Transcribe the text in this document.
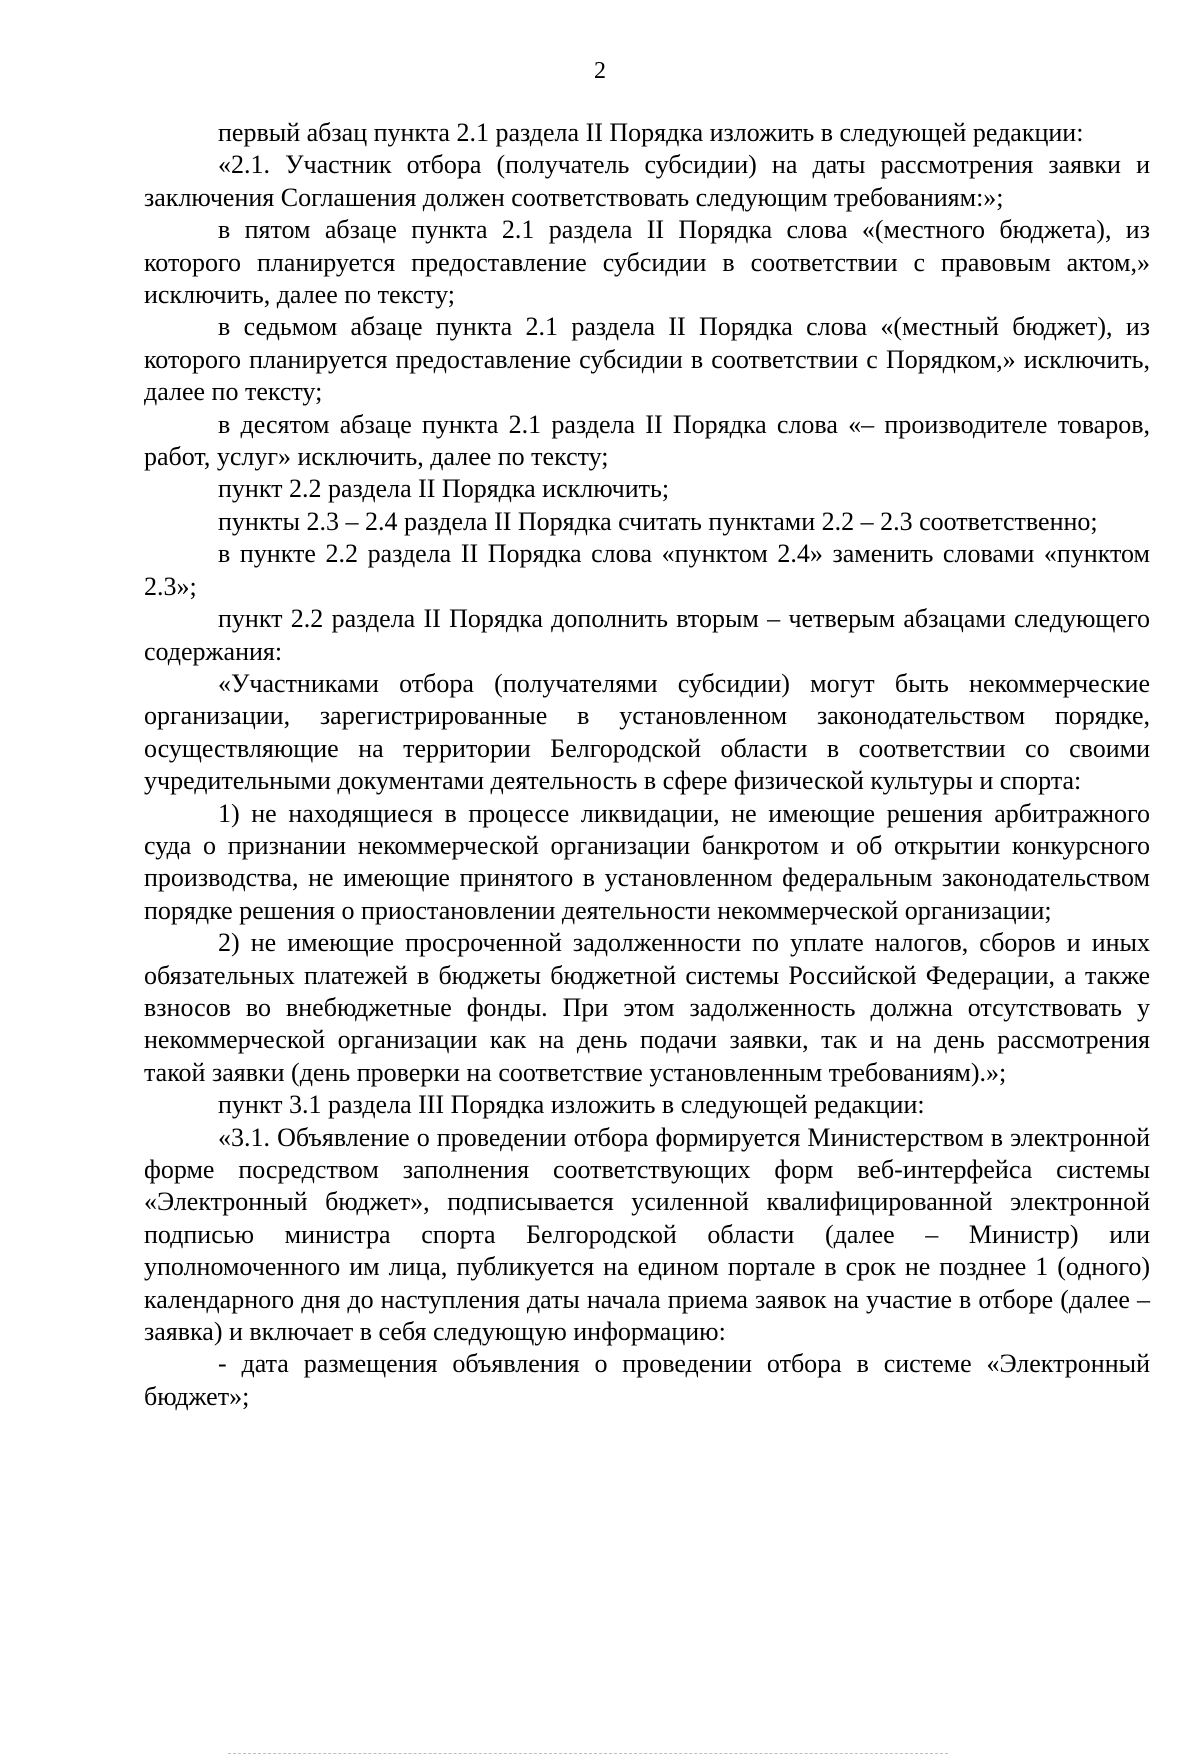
2

первый абзац пункта 2.1 раздела II Порядка изложить в следующей редакции:

«2.1. Участник отбора (получатель субсидии) на даты рассмотрения заявки и заключения Соглашения должен соответствовать следующим требованиям:»;

в пятом абзаце пункта 2.1 раздела II Порядка слова «(местного бюджета), из которого планируется предоставление субсидии в соответствии с правовым актом,» исключить, далее по тексту;

в седьмом абзаце пункта 2.1 раздела II Порядка слова «(местный бюджет), из которого планируется предоставление субсидии в соответствии с Порядком,» исключить, далее по тексту;

в десятом абзаце пункта 2.1 раздела II Порядка слова «– производителе товаров, работ, услуг» исключить, далее по тексту;

пункт 2.2 раздела II Порядка исключить;

пункты 2.3 – 2.4 раздела II Порядка считать пунктами 2.2 – 2.3 соответственно;

в пункте 2.2 раздела II Порядка слова «пунктом 2.4» заменить словами «пунктом 2.3»;

пункт 2.2 раздела II Порядка дополнить вторым – четверым абзацами следующего содержания:

«Участниками отбора (получателями субсидии) могут быть некоммерческие организации, зарегистрированные в установленном законодательством порядке, осуществляющие на территории Белгородской области в соответствии со своими учредительными документами деятельность в сфере физической культуры и спорта:

1) не находящиеся в процессе ликвидации, не имеющие решения арбитражного суда о признании некоммерческой организации банкротом и об открытии конкурсного производства, не имеющие принятого в установленном федеральным законодательством порядке решения о приостановлении деятельности некоммерческой организации;

2) не имеющие просроченной задолженности по уплате налогов, сборов и иных обязательных платежей в бюджеты бюджетной системы Российской Федерации, а также взносов во внебюджетные фонды. При этом задолженность должна отсутствовать у некоммерческой организации как на день подачи заявки, так и на день рассмотрения такой заявки (день проверки на соответствие установленным требованиям).»;

пункт 3.1 раздела III Порядка изложить в следующей редакции:

«3.1. Объявление о проведении отбора формируется Министерством в электронной форме посредством заполнения соответствующих форм веб-интерфейса системы «Электронный бюджет», подписывается усиленной квалифицированной электронной подписью министра спорта Белгородской области (далее – Министр) или уполномоченного им лица, публикуется на едином портале в срок не позднее 1 (одного) календарного дня до наступления даты начала приема заявок на участие в отборе (далее – заявка) и включает в себя следующую информацию:

- дата размещения объявления о проведении отбора в системе «Электронный бюджет»;
